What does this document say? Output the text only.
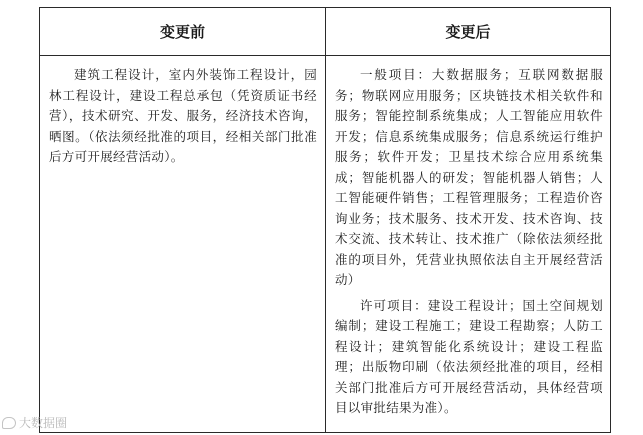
变更前	变更后

建筑工程设计，室内外装饰工程设计，园林工程设计，建设工程总承包（凭资质证书经营），技术研究、开发、服务，经济技术咨询，晒图。（依法须经批准的项目，经相关部门批准后方可开展经营活动）。

一般项目：大数据服务；互联网数据服务；物联网应用服务；区块链技术相关软件和服务；智能控制系统集成；人工智能应用软件开发；信息系统集成服务；信息系统运行维护服务；软件开发；卫星技术综合应用系统集成；智能机器人的研发；智能机器人销售；人工智能硬件销售；工程管理服务；工程造价咨询业务；技术服务、技术开发、技术咨询、技术交流、技术转让、技术推广（除依法须经批准的项目外，凭营业执照依法自主开展经营活动）

许可项目：建设工程设计；国土空间规划编制；建设工程施工；建设工程勘察；人防工程设计；建筑智能化系统设计；建设工程监理；出版物印刷（依法须经批准的项目，经相关部门批准后方可开展经营活动，具体经营项目以审批结果为准）。

大数据圈
